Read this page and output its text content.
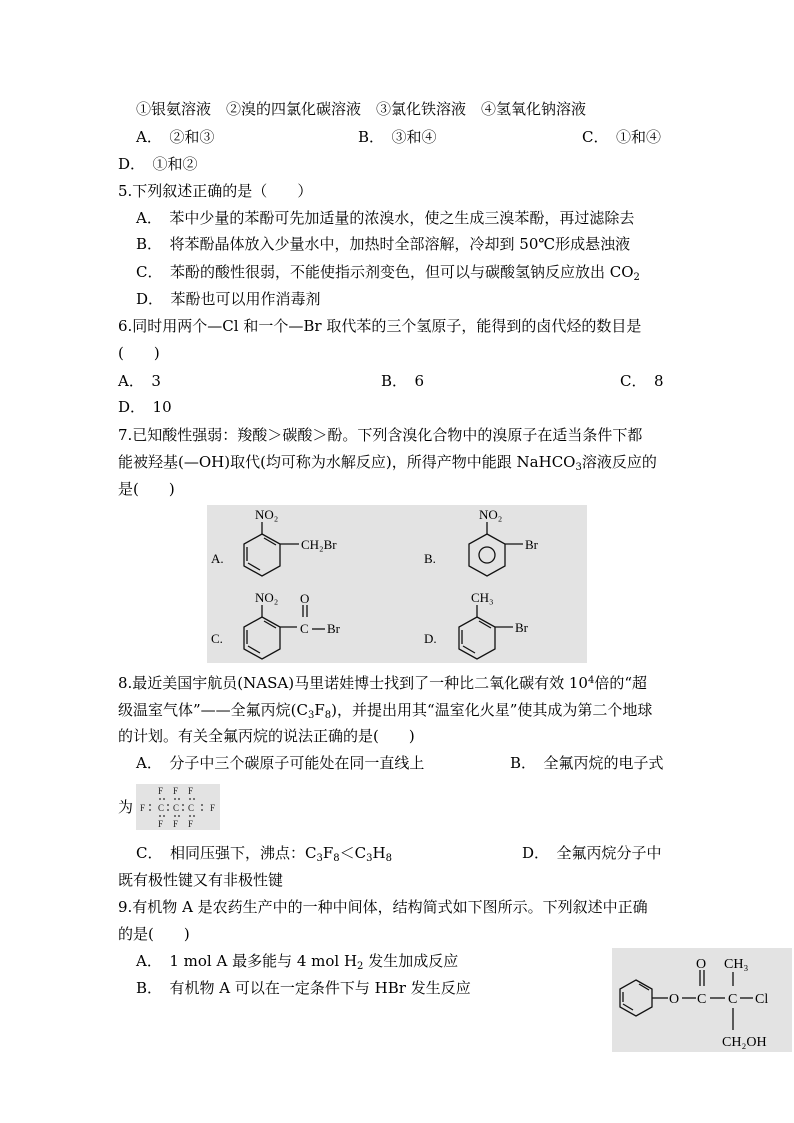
①银氨溶液　②溴的四氯化碳溶液　③氯化铁溶液　④氢氧化钠溶液
A．　②和③	B．　③和④	C．　①和④
D．　①和②
5.下列叙述正确的是（　　）
A．　苯中少量的苯酚可先加适量的浓溴水，使之生成三溴苯酚，再过滤除去
B．　将苯酚晶体放入少量水中，加热时全部溶解，冷却到 50℃形成悬浊液
C．　苯酚的酸性很弱，不能使指示剂变色，但可以与碳酸氢钠反应放出 $CO_2$
D．　苯酚也可以用作消毒剂
6.同时用两个—Cl 和一个—Br 取代苯的三个氢原子，能得到的卤代烃的数目是
(　　)
A．　3	B．　6	C．　8
D．　10
7.已知酸性强弱：羧酸＞碳酸＞酚。下列含溴化合物中的溴原子在适当条件下都
能被羟基(—OH)取代(均可称为水解反应)，所得产物中能跟 NaHCO$_3$溶液反应的
是(　　)
A.
NO₂
CH₂Br
B.
NO₂
Br
C.
NO₂ O
C Br
D.
CH₃
Br
8.最近美国宇航员(NASA)马里诺娃博士找到了一种比二氧化碳有效 $10^4$倍的“超
级温室气体”——全氟丙烷$(C_3F_8)$，并提出用其“温室化火星”使其成为第二个地球
的计划。有关全氟丙烷的说法正确的是(　　)
A．　分子中三个碳原子可能处在同一直线上	B．　全氟丙烷的电子式
为
F F F
F C C C F
F F F
C．　相同压强下，沸点：$C_3F_8<C_3H_8$	D．　全氟丙烷分子中
既有极性键又有非极性键
9.有机物 A 是农药生产中的一种中间体，结构简式如下图所示。下列叙述中正确
的是(　　)
A．　1 mol A 最多能与 4 mol $H_2$ 发生加成反应
B．　有机物 A 可以在一定条件下与 HBr 发生反应
O
O C C
CH₃
Cl
CH₂OH
